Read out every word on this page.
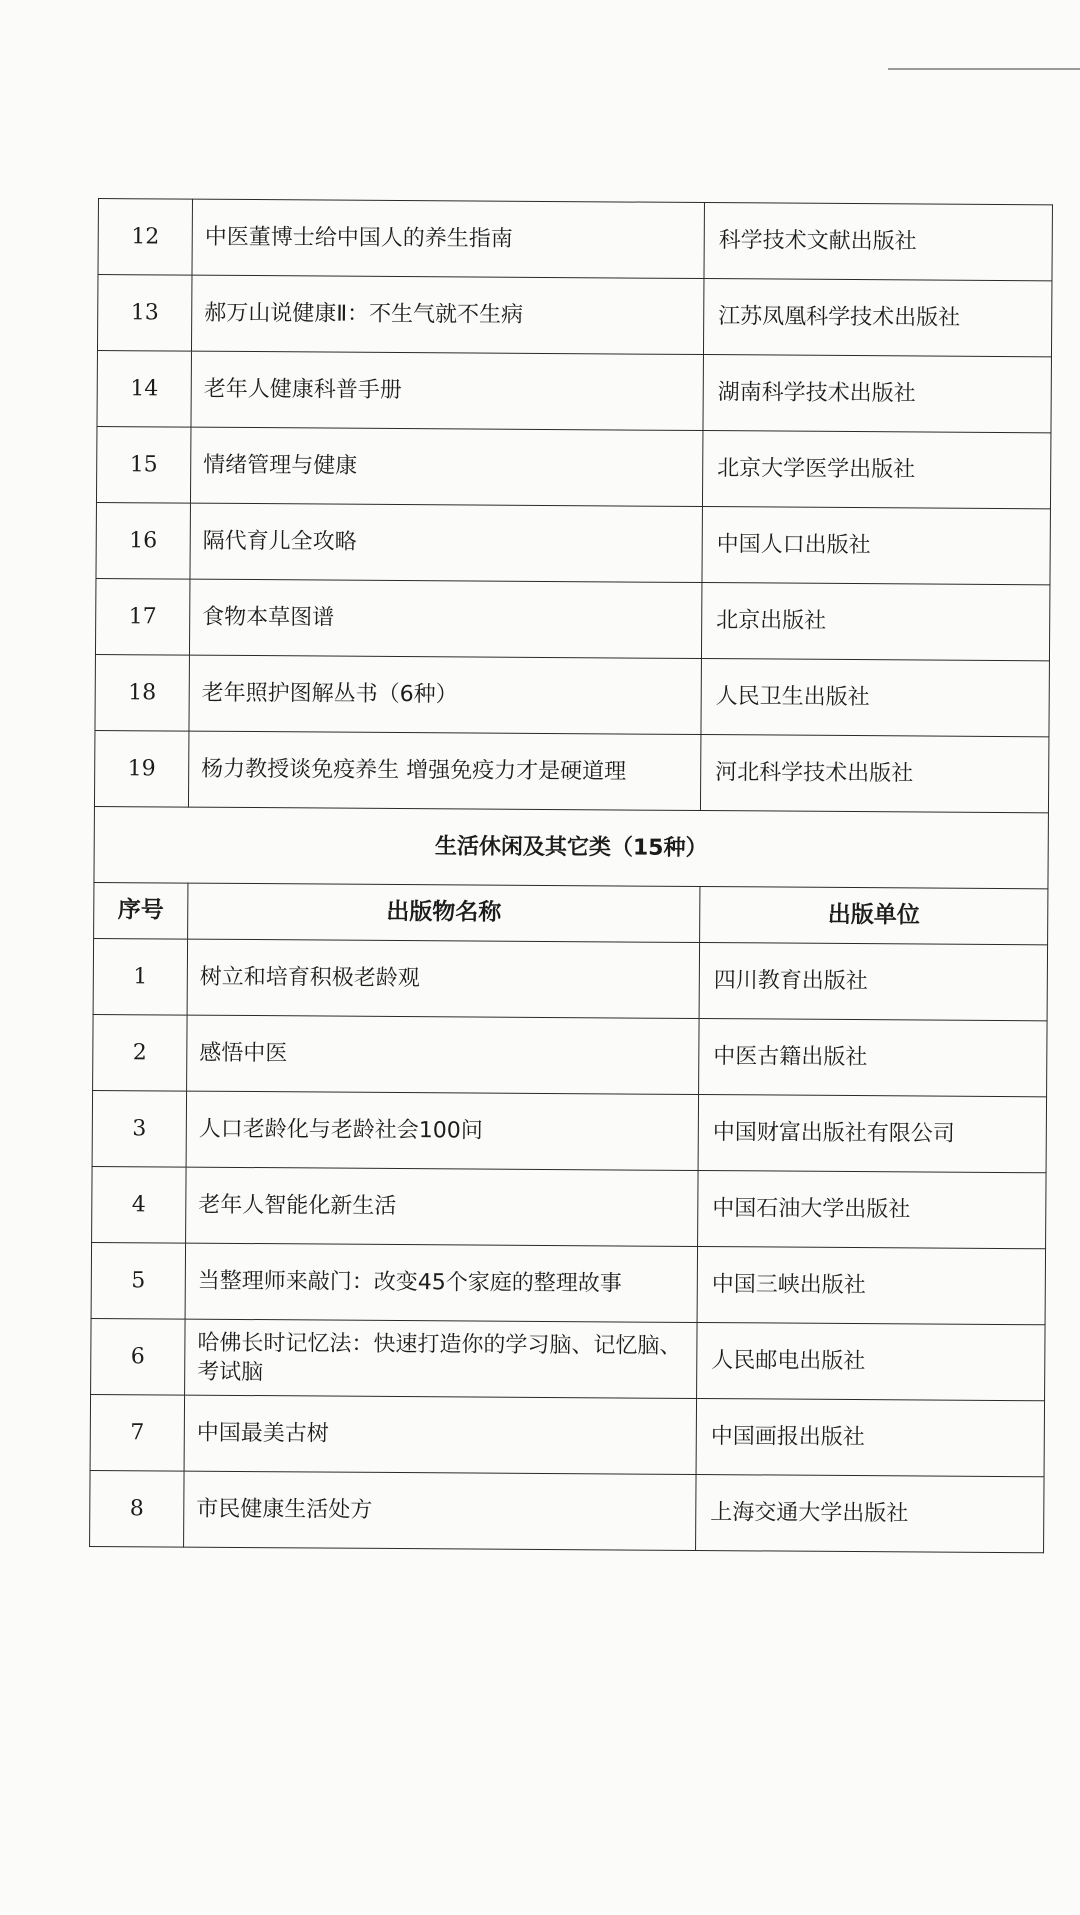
12	中医董博士给中国人的养生指南	科学技术文献出版社
13	郝万山说健康Ⅱ：不生气就不生病	江苏凤凰科学技术出版社
14	老年人健康科普手册	湖南科学技术出版社
15	情绪管理与健康	北京大学医学出版社
16	隔代育儿全攻略	中国人口出版社
17	食物本草图谱	北京出版社
18	老年照护图解丛书（6种）	人民卫生出版社
19	杨力教授谈免疫养生 增强免疫力才是硬道理	河北科学技术出版社
生活休闲及其它类（15种）		
序号	出版物名称	出版单位
1	树立和培育积极老龄观	四川教育出版社
2	感悟中医	中医古籍出版社
3	人口老龄化与老龄社会100问	中国财富出版社有限公司
4	老年人智能化新生活	中国石油大学出版社
5	当整理师来敲门：改变45个家庭的整理故事	中国三峡出版社
6	哈佛长时记忆法：快速打造你的学习脑、记忆脑、考试脑	人民邮电出版社
7	中国最美古树	中国画报出版社
8	市民健康生活处方	上海交通大学出版社
